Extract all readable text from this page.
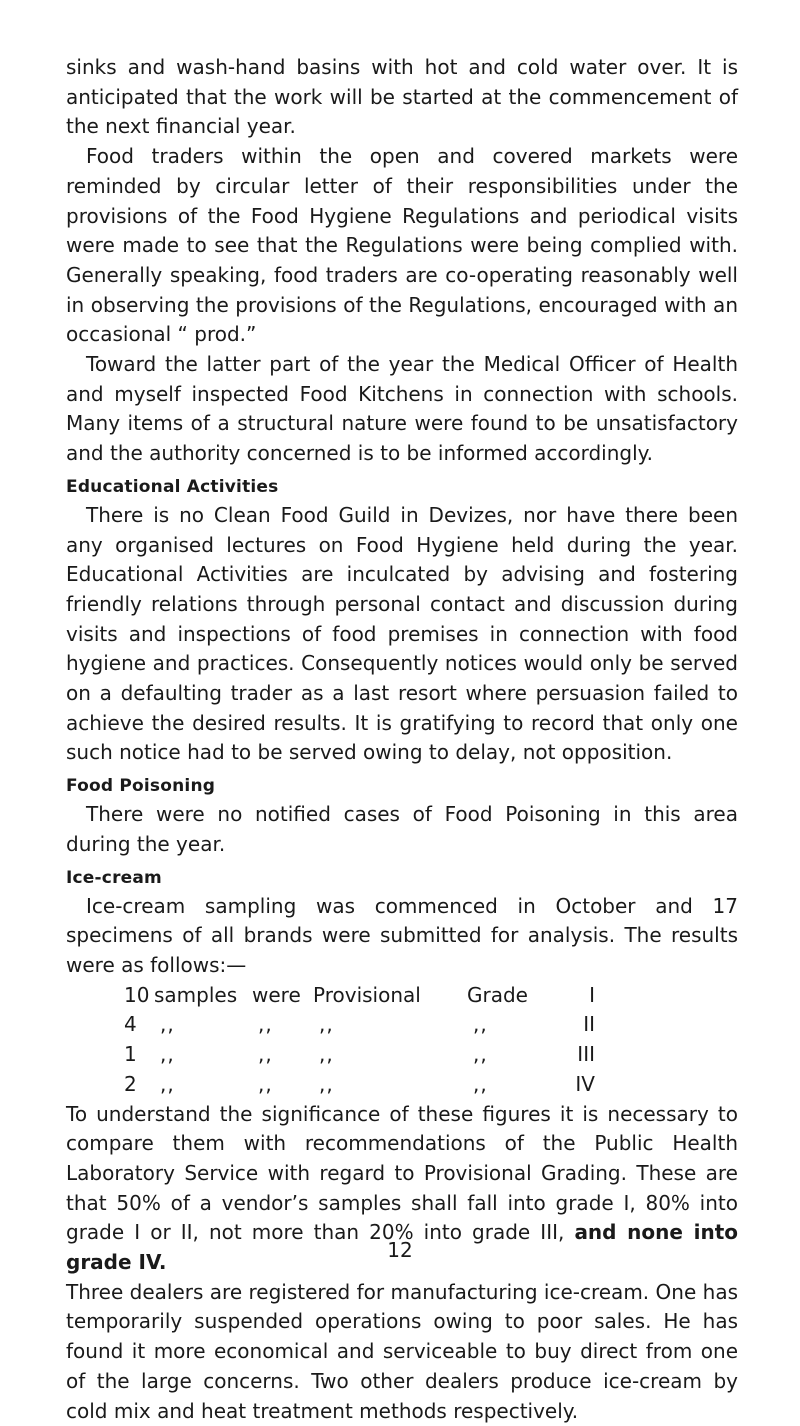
sinks and wash-hand basins with hot and cold water over. It is anticipated that the work will be started at the commencement of the next financial year.

Food traders within the open and covered markets were reminded by circular letter of their responsibilities under the provisions of the Food Hygiene Regulations and periodical visits were made to see that the Regulations were being complied with. Generally speaking, food traders are co-operating reasonably well in observing the provisions of the Regulations, encouraged with an occasional “ prod.”

Toward the latter part of the year the Medical Officer of Health and myself inspected Food Kitchens in connection with schools. Many items of a structural nature were found to be unsatisfactory and the authority concerned is to be informed accordingly.

Educational Activities

There is no Clean Food Guild in Devizes, nor have there been any organised lectures on Food Hygiene held during the year. Educational Activities are inculcated by advising and fostering friendly relations through personal contact and discussion during visits and inspections of food premises in connection with food hygiene and practices. Consequently notices would only be served on a defaulting trader as a last resort where persuasion failed to achieve the desired results. It is gratifying to record that only one such notice had to be served owing to delay, not opposition.

Food Poisoning

There were no notified cases of Food Poisoning in this area during the year.

Ice-cream

Ice-cream sampling was commenced in October and 17 specimens of all brands were submitted for analysis. The results were as follows:—

10	samples	were	Provisional	Grade	I
4	,,	,,	,,	,,	II
1	,,	,,	,,	,,	III
2	,,	,,	,,	,,	IV

To understand the significance of these figures it is necessary to compare them with recommendations of the Public Health Laboratory Service with regard to Provisional Grading. These are that 50% of a vendor’s samples shall fall into grade I, 80% into grade I or II, not more than 20% into grade III, and none into grade IV.

Three dealers are registered for manufacturing ice-cream. One has temporarily suspended operations owing to poor sales. He has found it more economical and serviceable to buy direct from one of the large concerns. Two other dealers produce ice-cream by cold mix and heat treatment methods respectively.

12
